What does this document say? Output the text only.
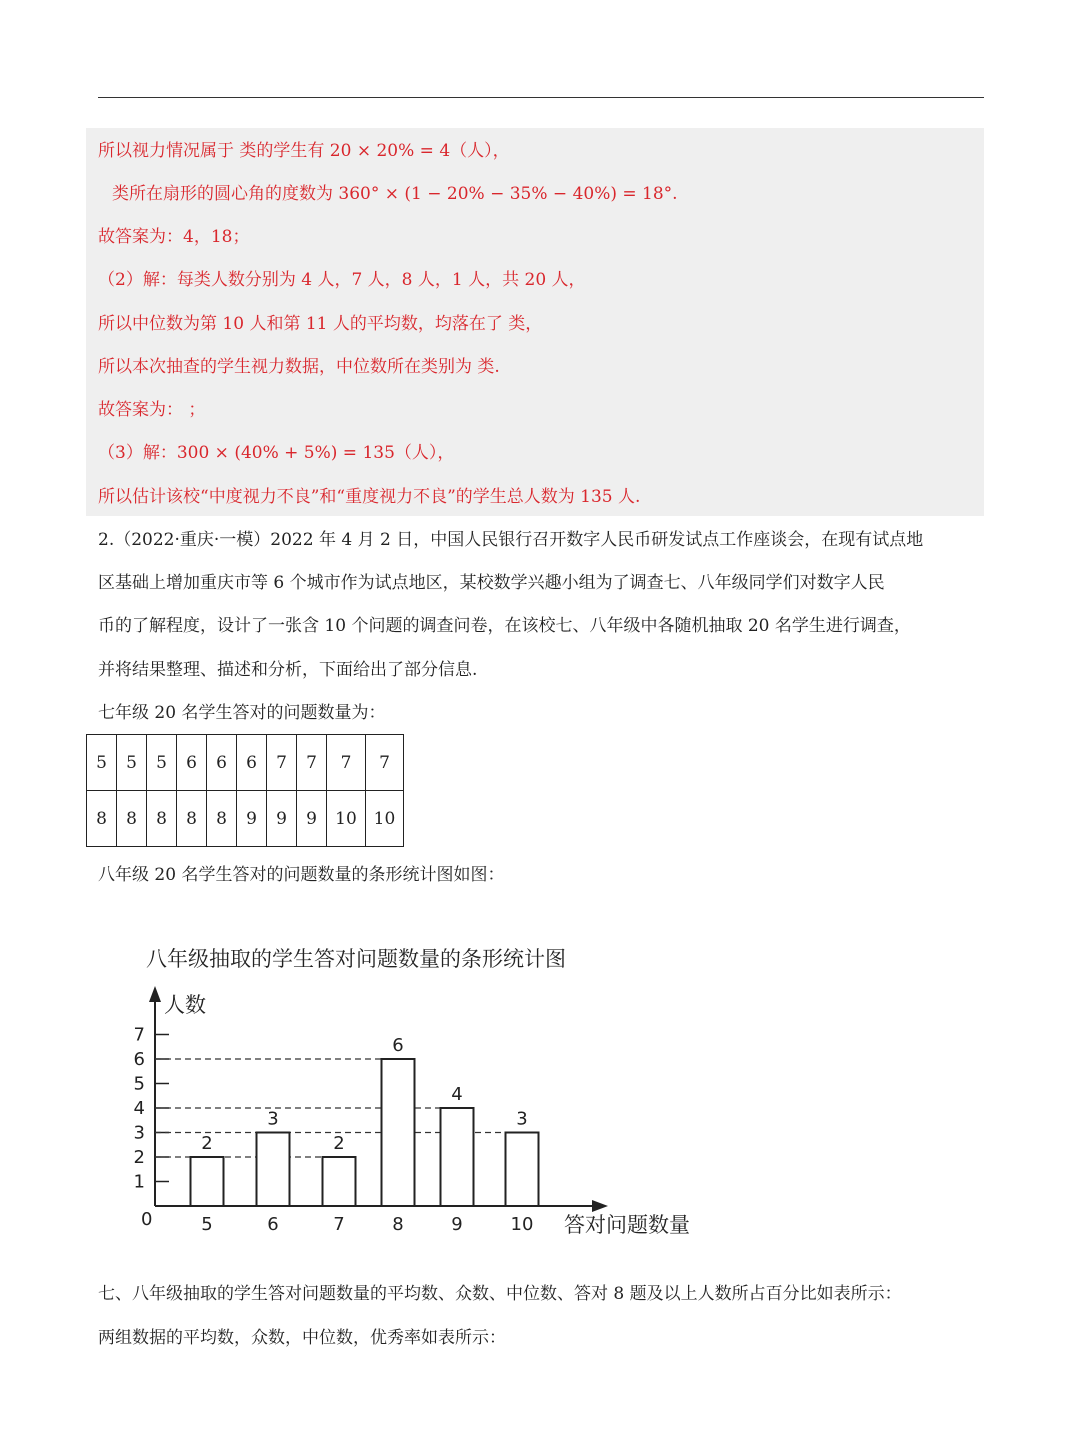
所以视力情况属于 类的学生有 20 × 20% = 4（人），
类所在扇形的圆心角的度数为 360° × (1 − 20% − 35% − 40%) = 18°.
故答案为：4，18；
（2）解：每类人数分别为 4 人，7 人，8 人，1 人，共 20 人，
所以中位数为第 10 人和第 11 人的平均数，均落在了 类，
所以本次抽查的学生视力数据，中位数所在类别为 类.
故答案为： ；
（3）解：300 × (40% + 5%) = 135（人），
所以估计该校“中度视力不良”和“重度视力不良”的学生总人数为 135 人.
2.（2022·重庆·一模）2022 年 4 月 2 日，中国人民银行召开数字人民币研发试点工作座谈会，在现有试点地
区基础上增加重庆市等 6 个城市作为试点地区，某校数学兴趣小组为了调查七、八年级同学们对数字人民
币的了解程度，设计了一张含 10 个问题的调查问卷，在该校七、八年级中各随机抽取 20 名学生进行调查，
并将结果整理、描述和分析，下面给出了部分信息.
七年级 20 名学生答对的问题数量为：
5	5	5	6	6	6	7	7	7	7
8	8	8	8	8	9	9	9	10	10
八年级 20 名学生答对的问题数量的条形统计图如图：
八年级抽取的学生答对问题数量的条形统计图
人数
答对问题数量
0
1
2
3
4
5
6
7
2
5
3
6
2
7
6
8
4
9
3
10
七、八年级抽取的学生答对问题数量的平均数、众数、中位数、答对 8 题及以上人数所占百分比如表所示：
两组数据的平均数，众数，中位数，优秀率如表所示：
